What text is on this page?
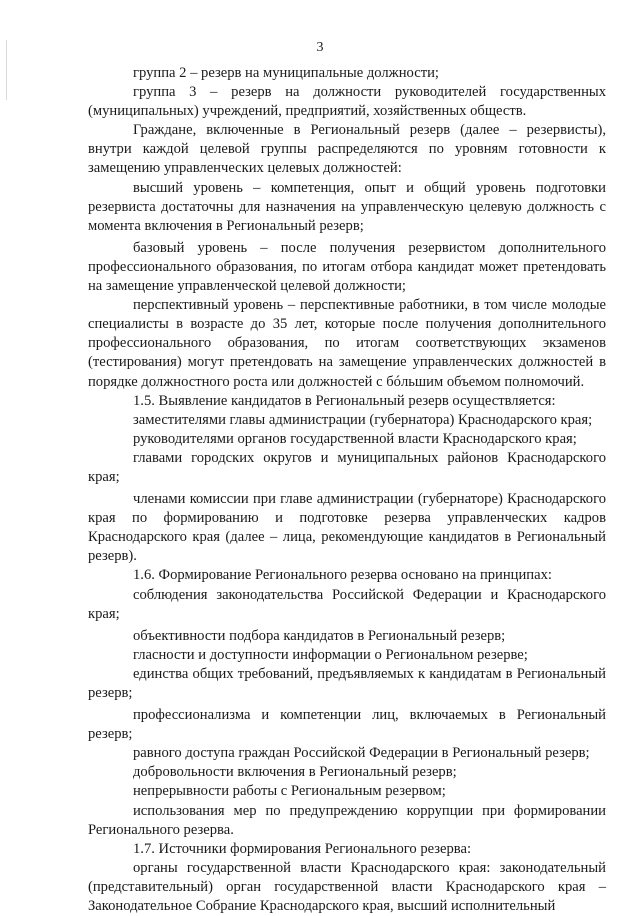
3

группа 2 – резерв на муниципальные должности;

группа 3 – резерв на должности руководителей государственных (муниципальных) учреждений, предприятий, хозяйственных обществ.

Граждане, включенные в Региональный резерв (далее – резервисты), внутри каждой целевой группы распределяются по уровням готовности к замещению управленческих целевых должностей:

высший уровень – компетенция, опыт и общий уровень подготовки резервиста достаточны для назначения на управленческую целевую должность с момента включения в Региональный резерв;

базовый уровень – после получения резервистом дополнительного профессионального образования, по итогам отбора кандидат может претендовать на замещение управленческой целевой должности;

перспективный уровень – перспективные работники, в том числе молодые специалисты в возрасте до 35 лет, которые после получения дополнительного профессионального образования, по итогам соответствующих экзаменов (тестирования) могут претендовать на замещение управленческих должностей в порядке должностного роста или должностей с бóльшим объемом полномочий.

1.5. Выявление кандидатов в Региональный резерв осуществляется:

заместителями главы администрации (губернатора) Краснодарского края;

руководителями органов государственной власти Краснодарского края;

главами городских округов и муниципальных районов Краснодарского края;

членами комиссии при главе администрации (губернаторе) Краснодарского края по формированию и подготовке резерва управленческих кадров Краснодарского края (далее – лица, рекомендующие кандидатов в Региональный резерв).

1.6. Формирование Регионального резерва основано на принципах:

соблюдения законодательства Российской Федерации и Краснодарского края;

объективности подбора кандидатов в Региональный резерв;

гласности и доступности информации о Региональном резерве;

единства общих требований, предъявляемых к кандидатам в Региональный резерв;

профессионализма и компетенции лиц, включаемых в Региональный резерв;

равного доступа граждан Российской Федерации в Региональный резерв;

добровольности включения в Региональный резерв;

непрерывности работы с Региональным резервом;

использования мер по предупреждению коррупции при формировании Регионального резерва.

1.7. Источники формирования Регионального резерва:

органы государственной власти Краснодарского края: законодательный (представительный) орган государственной власти Краснодарского края – Законодательное Собрание Краснодарского края, высший исполнительный
